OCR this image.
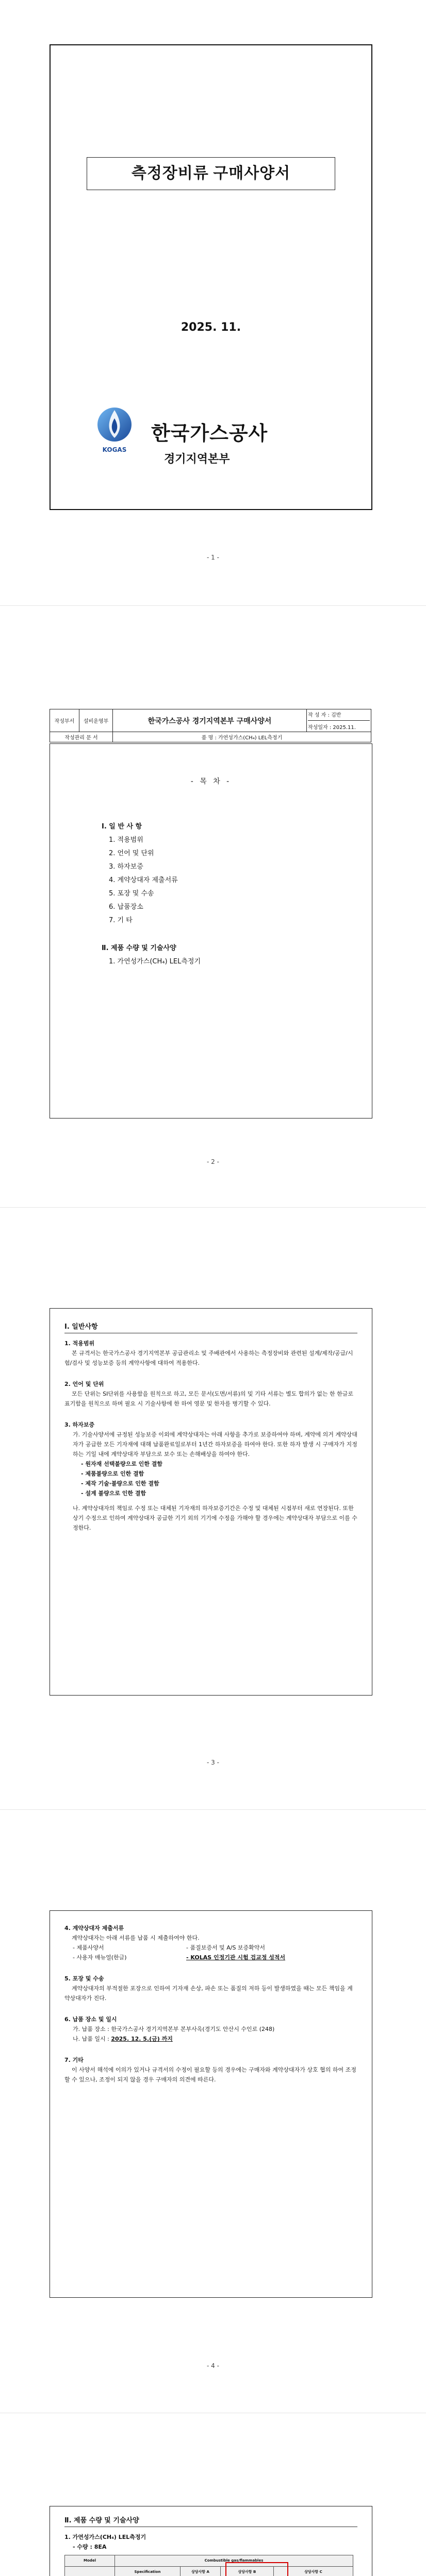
측정장비류 구매사양서
2025. 11.
KOGAS
한국가스공사
경기지역본부
- 1 -
작성부서	설비운영부	한국가스공사 경기지역본부 구매사양서	작 성 자 : 김반
작성일자 : 2025.11.

작성관리 문 서		품 명 : 가연성가스(CH₄) LEL측정기	
- 목 차 -
Ⅰ. 일 반 사 항
1. 적용범위
2. 언어 및 단위
3. 하자보증
4. 계약상대자 제출서류
5. 포장 및 수송
6. 납품장소
7. 기 타
Ⅱ. 제품 수량 및 기술사양
1. 가연성가스(CH₄) LEL측정기
- 2 -
Ⅰ. 일반사항
1. 적용범위
본 규격서는 한국가스공사 경기지역본부 공급관리소 및 주배관에서 사용하는 측정장비와 관련된 설계/제작/공급/시험/검사 및 성능보증 등의 계약사항에 대하여 적용한다.
2. 언어 및 단위
모든 단위는 SI단위를 사용함을 원칙으로 하고, 모든 문서(도면/서류)의 및 기타 서류는 별도 합의가 없는 한 한글로 표기함을 원칙으로 하며 필요 시 기술사항에 한 하여 영문 및 한자를 병기할 수 있다.
3. 하자보증
가. 기술사양서에 규정된 성능보증 이외에 계약상대자는 아래 사항을 추가로 보증하여야 하며, 계약에 의거 계약상대자가 공급한 모든 기자재에 대해 납품완료일로부터 1년간 하자보증을 하여야 한다. 또한 하자 발생 시 구매자가 지정하는 기일 내에 계약상대자 부담으로 보수 또는 손해배상을 하여야 한다.
- 원자재 선택불량으로 인한 결함
- 제품불량으로 인한 결함
- 제작 기술·불량으로 인한 결함
- 설계 불량으로 인한 결함
나. 계약상대자의 책임로 수정 또는 대체된 기자재의 하자보증기간은 수정 및 대체된 시점부터 새로 연장된다. 또한 상기 수정으로 인하여 계약상대자 공급한 기기 외의 기기에 수정을 가해야 할 경우에는 계약상대자 부담으로 이를 수정한다.
- 3 -
4. 계약상대자 제출서류
계약상대자는 아래 서류를 납품 시 제출하여야 한다.
- 제품사양서	- 품질보증서 및 A/S 보증확약서
- 사용자 매뉴얼(한글)	- KOLAS 인정기관 시험 검교정 성적서
5. 포장 및 수송
계약상대자의 부적절한 포장으로 인하여 기자재 손상, 파손 또는 품질의 저하 등이 발생하였을 때는 모든 책임을 계약상대자가 진다.
6. 납품 장소 및 일시
가. 납품 장소 : 한국가스공사 경기지역본부 본부사옥(경기도 안산시 수인로 (248)
나. 납품 일시 : 2025. 12. 5.(금) 까지
7. 기타
이 사양서 해석에 이의가 있거나 규격서의 수정이 필요할 등의 경우에는 구매자와 계약상대자가 상호 협의 하여 조정할 수 있으나, 조정이 되지 않을 경우 구매자의 의견에 따른다.
- 4 -
Ⅱ. 제품 수량 및 기술사양
1. 가연성가스(CH₄) LEL측정기
- 수량 : 8EA
Model	Combustible gas/flammables			
	Specification	상당사항 A	상당사항 B	상당사항 C
